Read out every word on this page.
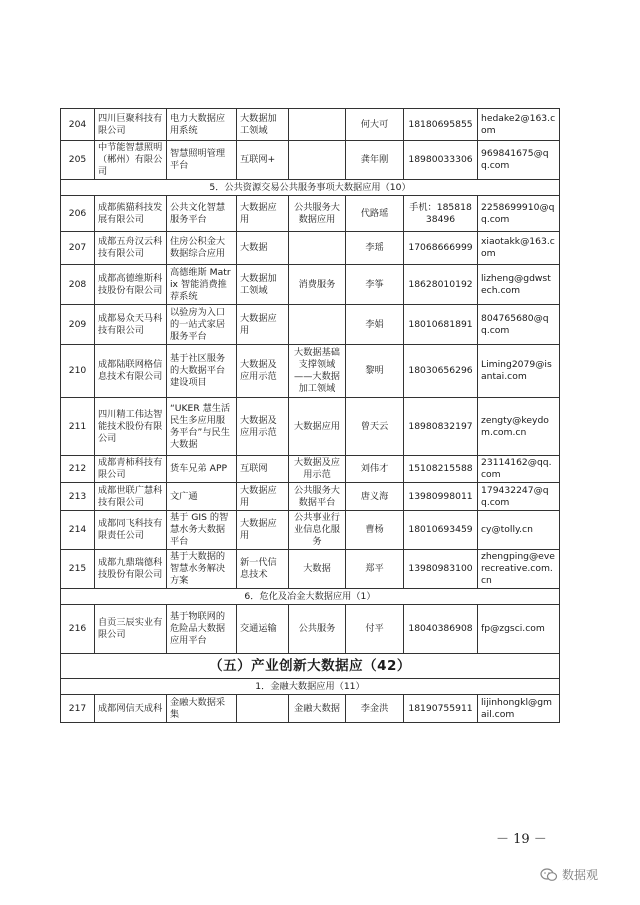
204	四川巨聚科技有限公司	电力大数据应用系统	大数据加工领域		何大可	18180695855	hedake2@163.com
205	中节能智慧照明（郴州）有限公司	智慧照明管理平台	互联网+		龚年刚	18980033306	969841675@qq.com
5．公共资源交易公共服务事项大数据应用（10）							
206	成都熊猫科技发展有限公司	公共文化智慧服务平台	大数据应用	公共服务大数据应用	代路瑶	手机：18581838496	2258699910@qq.com
207	成都五舟汉云科技有限公司	住房公积金大数据综合应用	大数据		李瑶	17068666999	xiaotakk@163.com
208	成都高德维斯科技股份有限公司	高德维斯 Matrix 智能消费推荐系统	大数据加工领域	消费服务	李筝	18628010192	lizheng@gdwstech.com
209	成都易众天马科技有限公司	以验房为入口的一站式家居服务平台	大数据应用		李娟	18010681891	804765680@qq.com
210	成都陆联网格信息技术有限公司	基于社区服务的大数据平台建设项目	大数据及应用示范	大数据基础支撑领域——大数据加工领域	黎明	18030656296	Liming2079@isantai.com
211	四川精工伟达智能技术股份有限公司	“UKER 慧生活民生多应用服务平台”与民生大数据	大数据及应用示范	大数据应用	曾天云	18980832197	zengty@keydom.com.cn
212	成都青柿科技有限公司	货车兄弟 APP	互联网	大数据及应用示范	刘伟才	15108215588	23114162@qq.com
213	成都世联广慧科技有限公司	文广通	大数据应用	公共服务大数据平台	唐义海	13980998011	179432247@qq.com
214	成都同飞科技有限责任公司	基于 GIS 的智慧水务大数据平台	大数据应用	公共事业行业信息化服务	曹杨	18010693459	cy@tolly.cn
215	成都九鼎瑞德科技股份有限公司	基于大数据的智慧水务解决方案	新一代信息技术	大数据	郑平	13980983100	zhengping@everecreative.com.cn
6．危化及冶金大数据应用（1）							
216	自贡三辰实业有限公司	基于物联网的危险品大数据应用平台	交通运输	公共服务	付平	18040386908	fp@zgsci.com
（五）产业创新大数据应（42）							
1．金融大数据应用（11）							
217	成都网信天成科	金融大数据采集		金融大数据	李金洪	18190755911	lijinhongkl@gmail.com
－ 19 －
数据观
